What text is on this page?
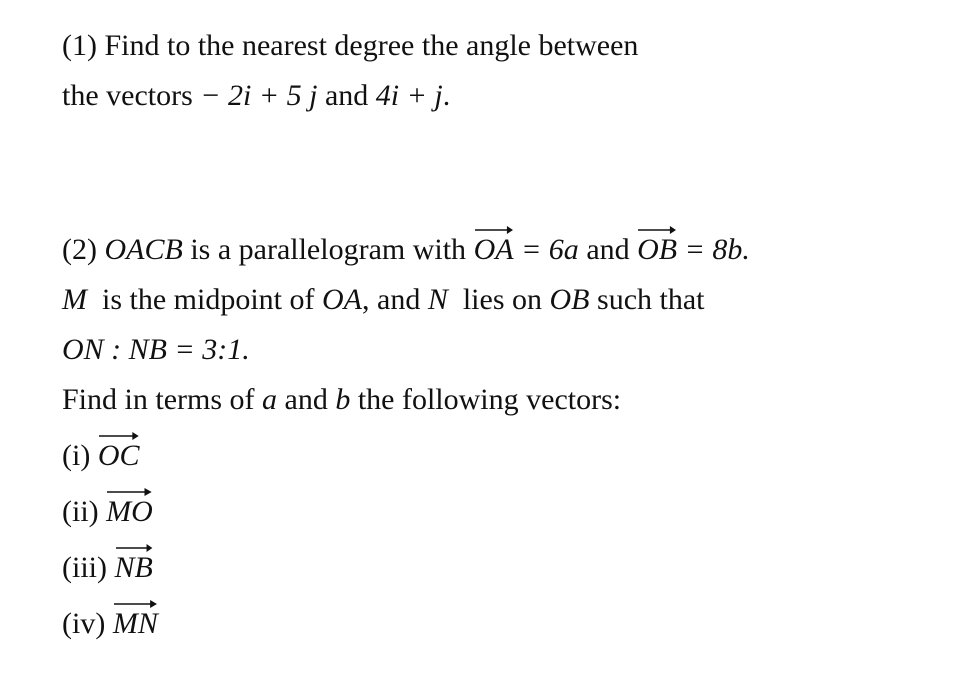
(1) Find to the nearest degree the angle between
the vectors − 2i + 5 j and 4i + j.
(2) OACB is a parallelogram with
OA = 6a and
OB = 8b.
M  is the midpoint of OA, and N  lies on OB such that
ON : NB = 3:1.
Find in terms of a and b the following vectors:
(i)
OC
(ii)
MO
(iii)
NB
(iv)
MN
